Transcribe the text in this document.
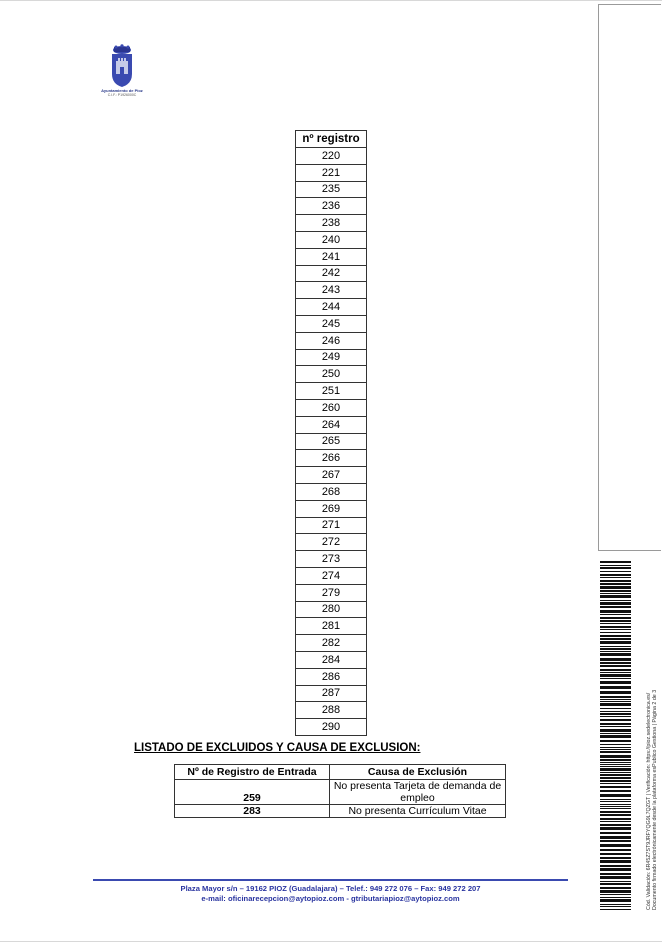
Ayuntamiento de Pioz
C.I.F.: P1926000C
Cód. Validación: 6R45Z7ST9JRFYQG9L7QZGT | Verificación: https://pioz.sedelectronica.es/ Documento firmado electrónicamente desde la plataforma esPublico Gestiona | Página 2 de 3
nº registro
220
221
235
236
238
240
241
242
243
244
245
246
249
250
251
260
264
265
266
267
268
269
271
272
273
274
279
280
281
282
284
286
287
288
290
LISTADO DE EXCLUIDOS Y CAUSA DE EXCLUSION:
Nº de Registro de Entrada	Causa de Exclusión
259	No presenta Tarjeta de demanda de empleo
283	No presenta Currículum Vitae
Plaza Mayor s/n – 19162 PIOZ (Guadalajara) – Telef.: 949 272 076 – Fax: 949 272 207
e-mail: oficinarecepcion@aytopioz.com - gtributariapioz@aytopioz.com
